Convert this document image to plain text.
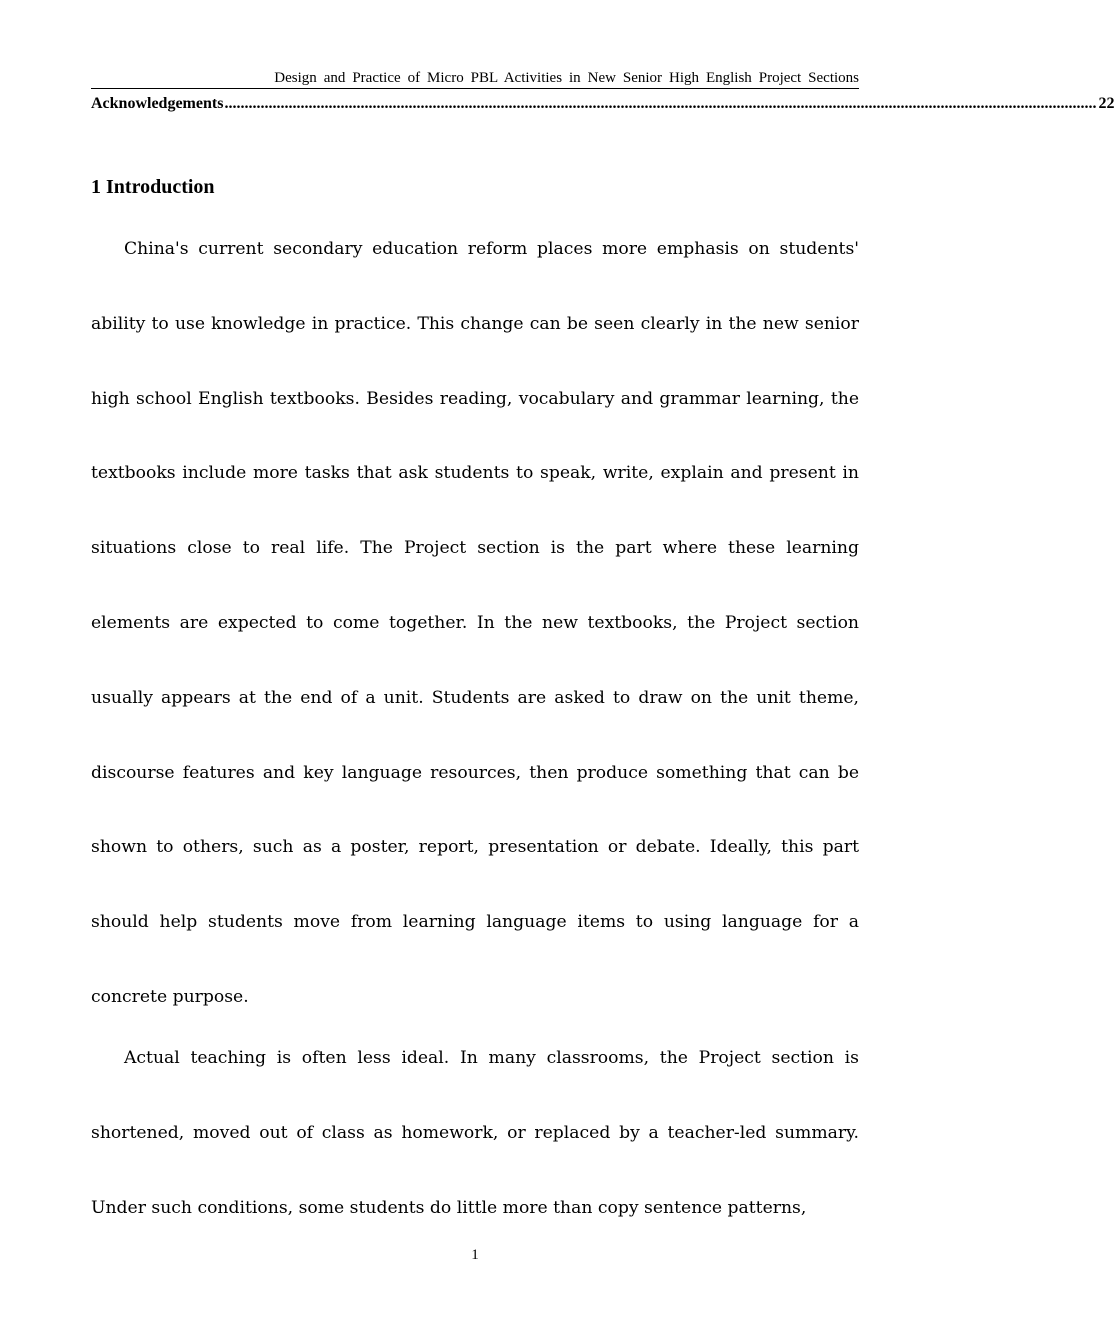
Design and Practice of Micro PBL Activities in New Senior High English Project Sections
Acknowledgements .......................................................................................................................................................................................................................... 22
1 Introduction

China's current secondary education reform places more emphasis on students' ability to use knowledge in practice. This change can be seen clearly in the new senior high school English textbooks. Besides reading, vocabulary and grammar learning, the textbooks include more tasks that ask students to speak, write, explain and present in situations close to real life. The Project section is the part where these learning elements are expected to come together. In the new textbooks, the Project section usually appears at the end of a unit. Students are asked to draw on the unit theme, discourse features and key language resources, then produce something that can be shown to others, such as a poster, report, presentation or debate. Ideally, this part should help students move from learning language items to using language for a concrete purpose.

Actual teaching is often less ideal. In many classrooms, the Project section is shortened, moved out of class as homework, or replaced by a teacher-led summary. Under such conditions, some students do little more than copy sentence patterns,

1
